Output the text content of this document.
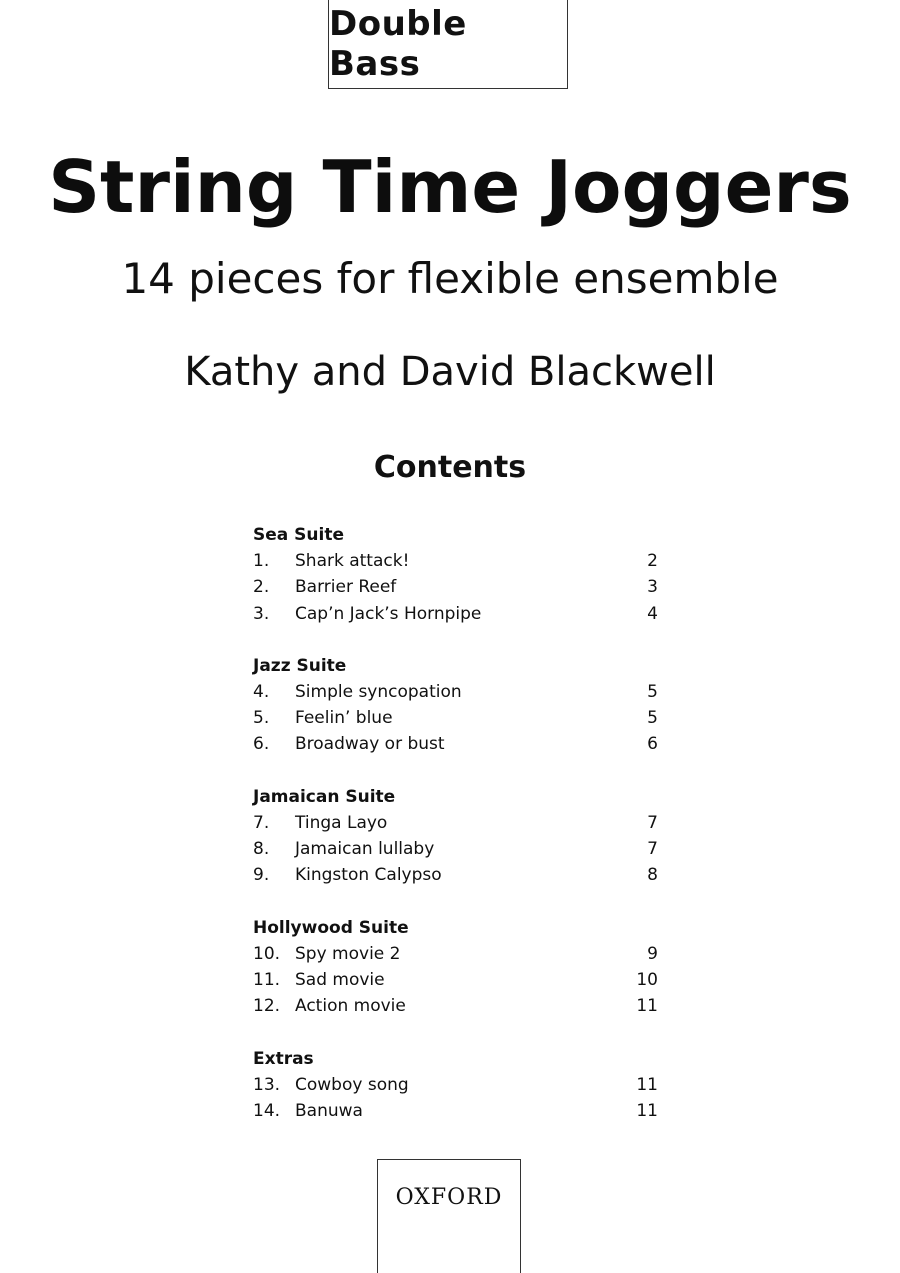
Double Bass
String Time Joggers
14 pieces for flexible ensemble
Kathy and David Blackwell
Contents
Sea Suite
1.	Shark attack!	2
2.	Barrier Reef	3
3.	Cap’n Jack’s Hornpipe	4
Jazz Suite
4.	Simple syncopation	5
5.	Feelin’ blue	5
6.	Broadway or bust	6
Jamaican Suite
7.	Tinga Layo	7
8.	Jamaican lullaby	7
9.	Kingston Calypso	8
Hollywood Suite
10. Spy movie 2	9
11. Sad movie	10
12. Action movie	11
Extras
13. Cowboy song	11
14. Banuwa	11
OXFORD
